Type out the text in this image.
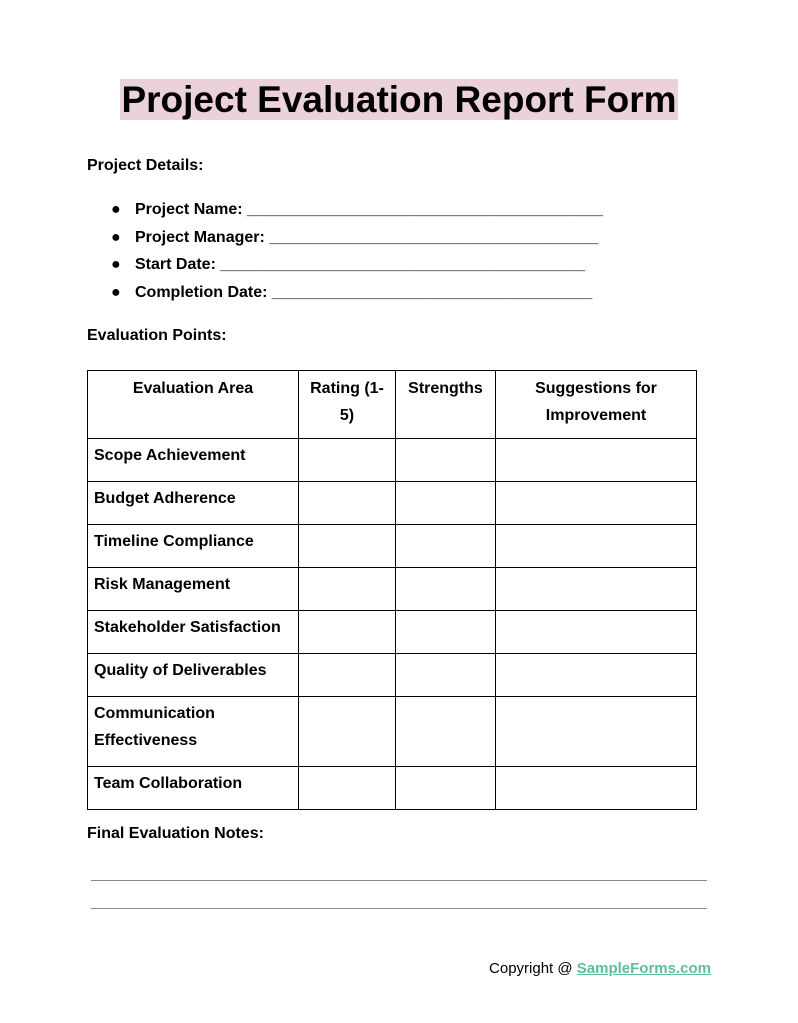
Project Evaluation Report Form

Project Details:

● Project Name: ________________________________________
● Project Manager: _____________________________________
● Start Date: _________________________________________
● Completion Date: ____________________________________

Evaluation Points:

Evaluation Area	Rating (1-5)	Strengths	Suggestions for Improvement
Scope Achievement			
Budget Adherence			
Timeline Compliance			
Risk Management			
Stakeholder Satisfaction			
Quality of Deliverables			
Communication Effectiveness			
Team Collaboration			

Final Evaluation Notes:

Copyright @ SampleForms.com
